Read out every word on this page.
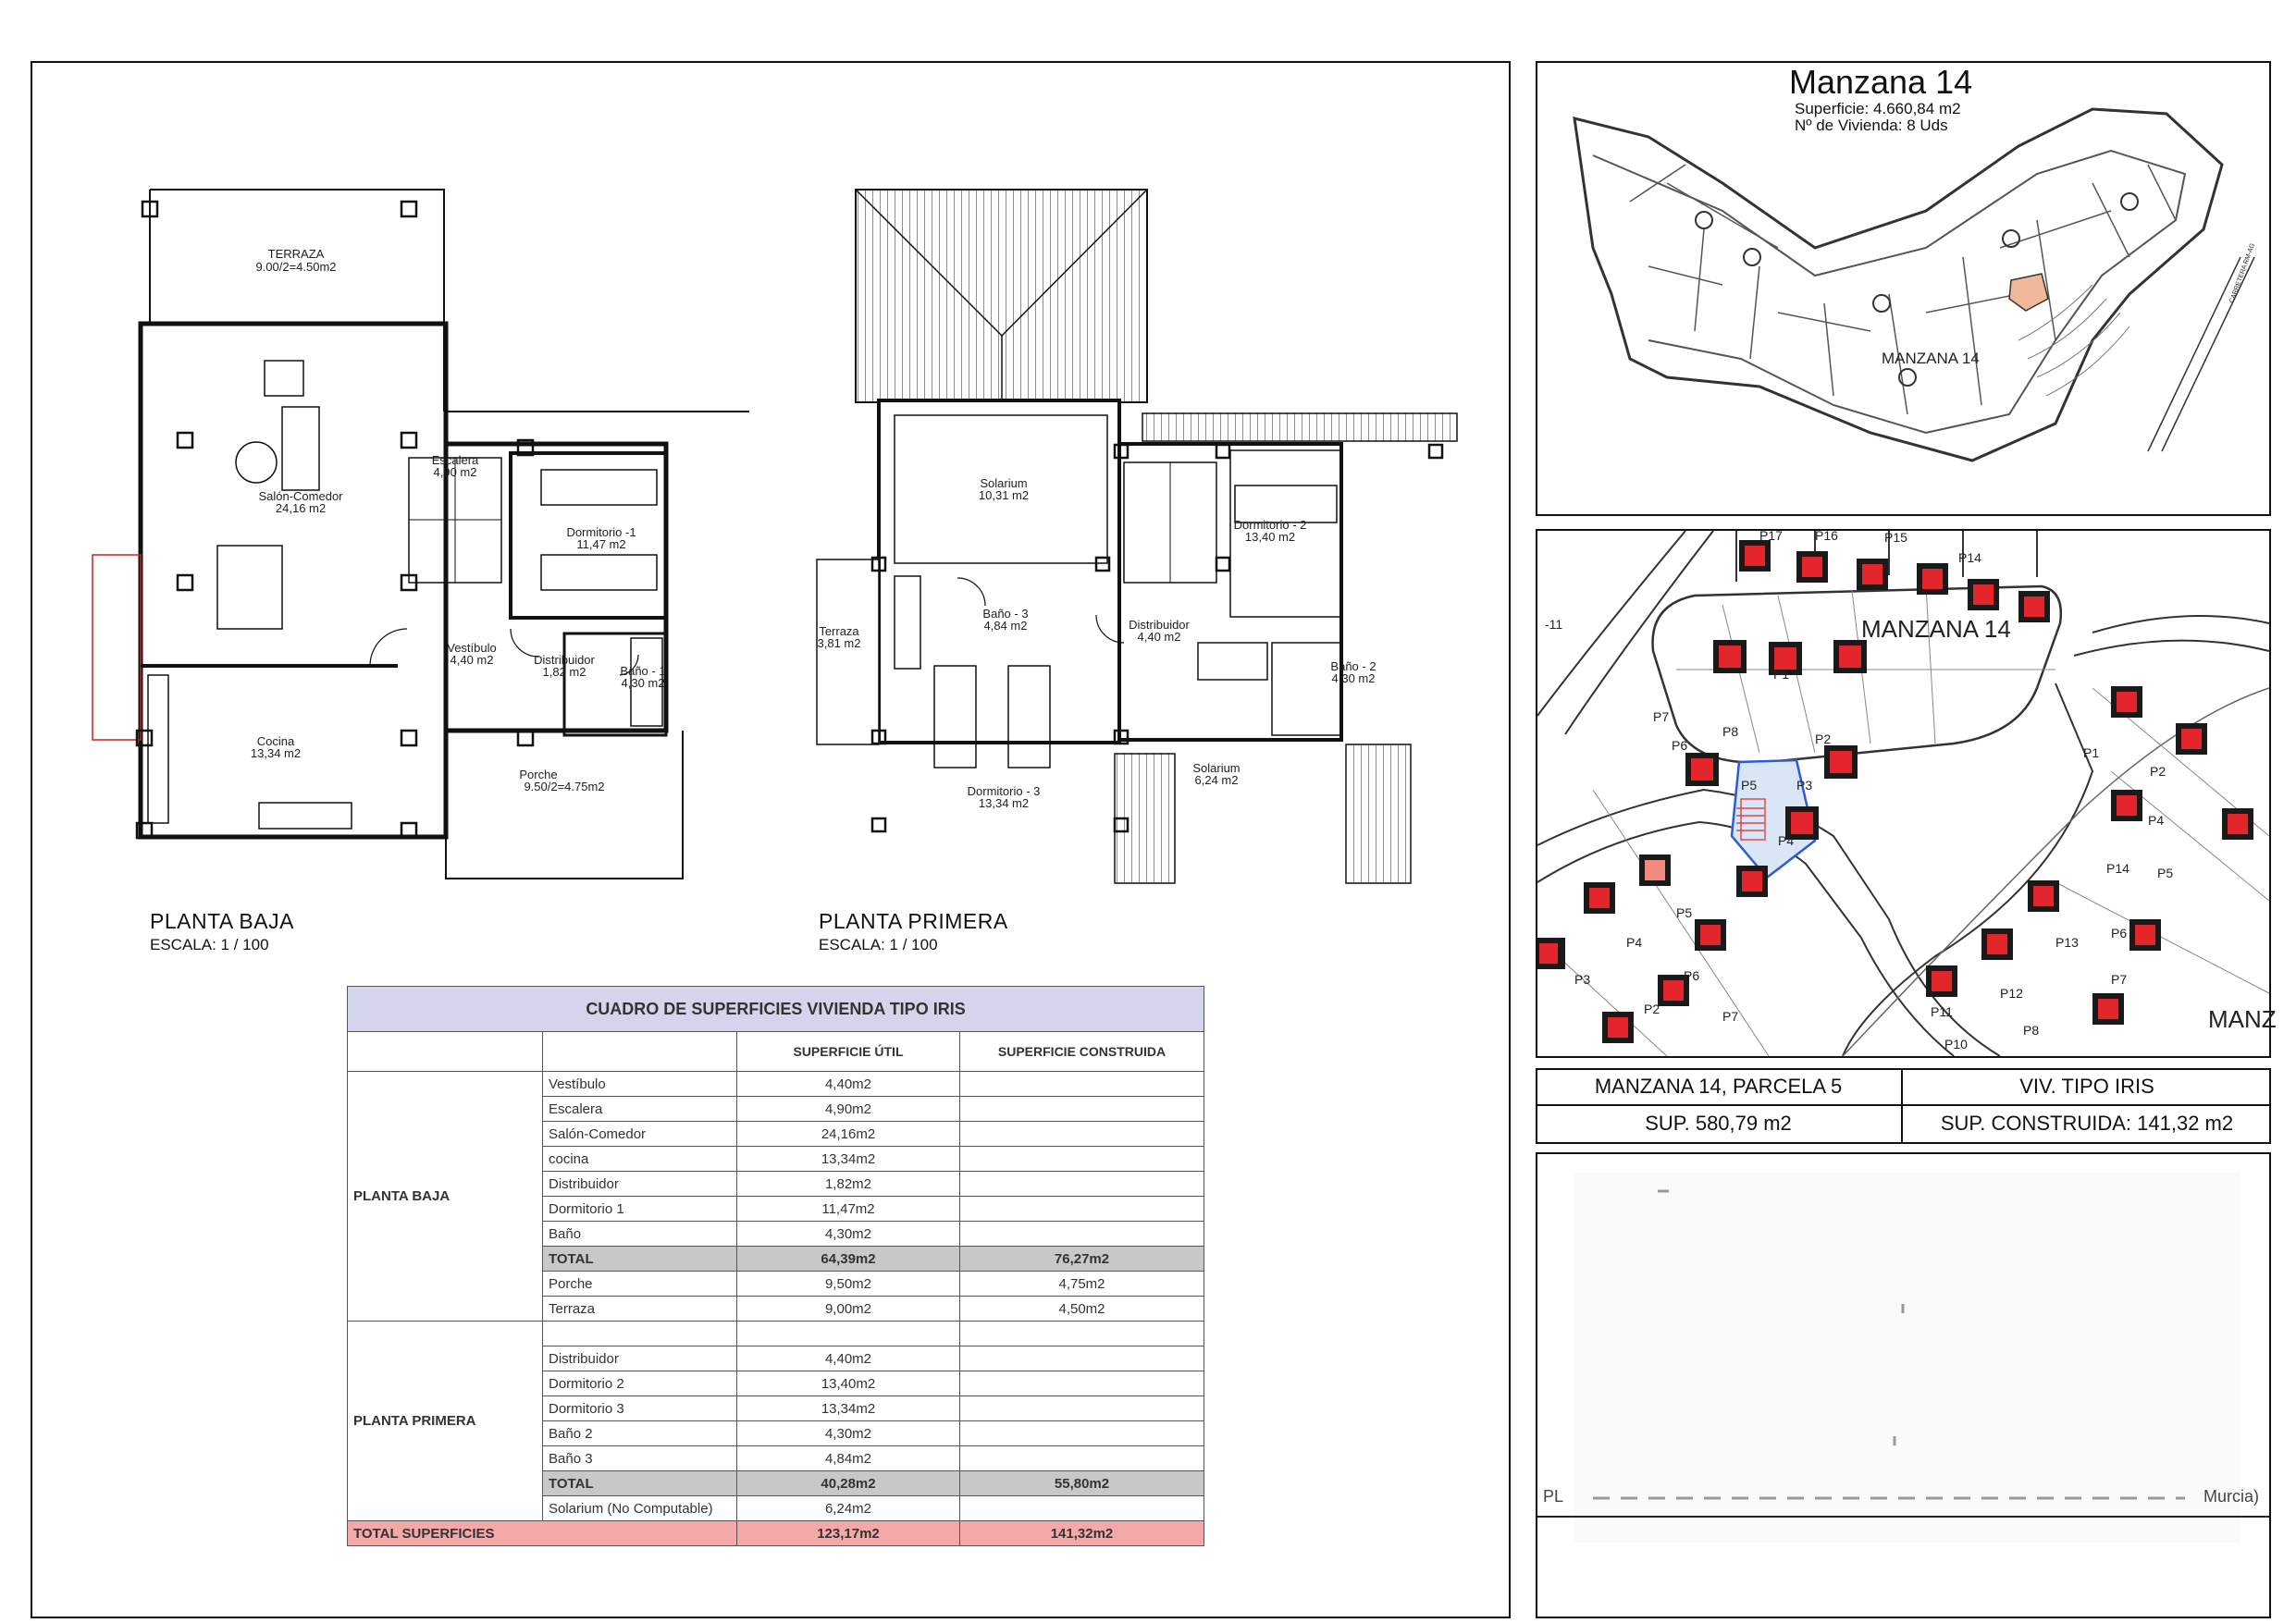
TERRAZA
9.00/2=4.50m2
Escalera
4,90 m2
Salón-Comedor
24,16 m2
Dormitorio -1
11,47 m2
Vestíbulo
4,40 m2	Distribuidor
1,82 m2	Baño - 1
4,30 m2
Cocina
13,34 m2
Porche
9.50/2=4.75m2
PLANTA BAJA
ESCALA: 1 / 100
Solarium
10,31 m2
Baño - 3
4,84 m2
Terraza
3,81 m2
Distribuidor
4,40 m2
Dormitorio - 2
13,40 m2
Baño - 2
4,30 m2
Dormitorio - 3
13,34 m2
Solarium
6,24 m2
PLANTA PRIMERA
ESCALA: 1 / 100
CUADRO DE SUPERFICIES VIVIENDA TIPO IRIS			
		SUPERFICIE ÚTIL	SUPERFICIE CONSTRUIDA
PLANTA BAJA	Vestíbulo	4,40m2	
	Escalera	4,90m2	
	Salón-Comedor	24,16m2	
	cocina	13,34m2	
	Distribuidor	1,82m2	
	Dormitorio 1	11,47m2	
	Baño	4,30m2	
	TOTAL	64,39m2	76,27m2
	Porche	9,50m2	4,75m2
	Terraza	9,00m2	4,50m2
PLANTA PRIMERA			
	Distribuidor	4,40m2	
	Dormitorio 2	13,40m2	
	Dormitorio 3	13,34m2	
	Baño 2	4,30m2	
	Baño 3	4,84m2	
	TOTAL	40,28m2	55,80m2
	Solarium (No Computable)	6,24m2	
TOTAL SUPERFICIES		123,17m2	141,32m2
Manzana 14
Superficie: 4.660,84 m2
Nº de Vivienda: 8 Uds
MANZANA 14
CARRETERA RM-AG
-11
MANZ
MANZANA 14
P17	P16	P15
P14
P1
P2
P3
P4
P5
P6
P7
P8
P1
P2
P4
P14 P5
P13
P6
P12
P7
P11
P10
P8
P5
P4
P6
P3
P2	P7
MANZANA 14, PARCELA 5	VIV. TIPO IRIS
SUP. 580,79 m2	SUP. CONSTRUIDA: 141,32 m2
PL	Murcia)
